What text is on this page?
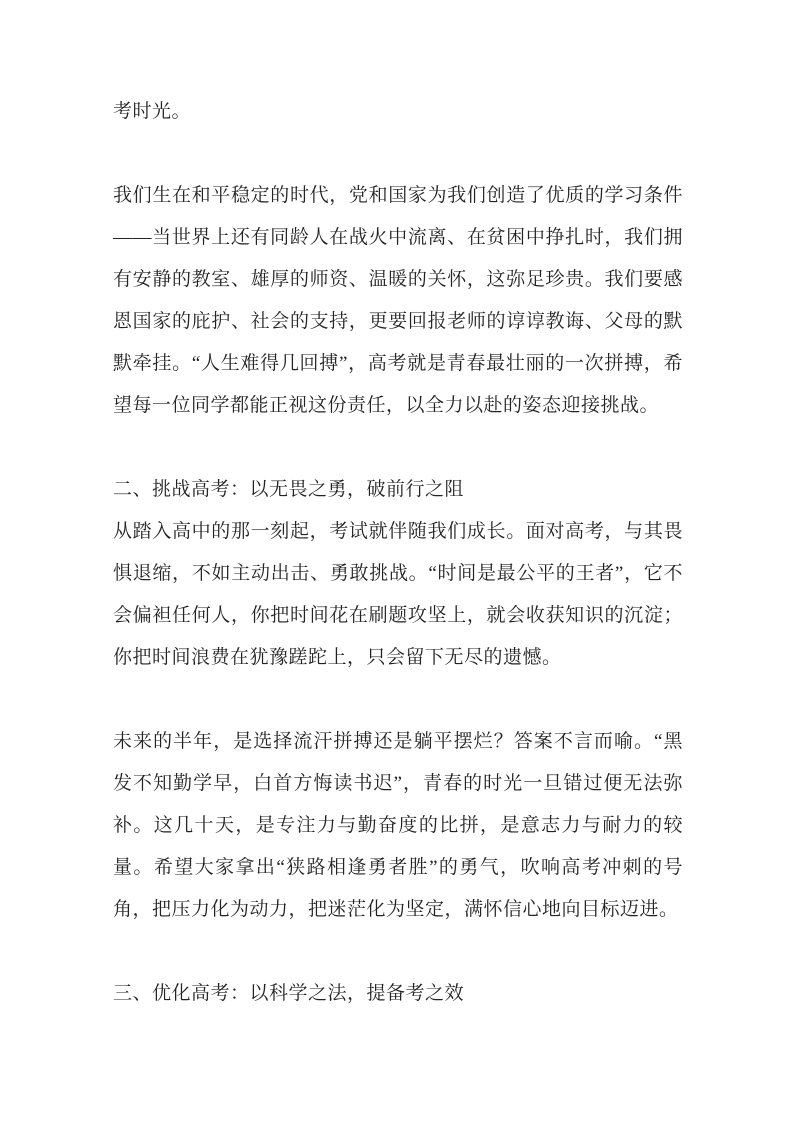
考时光。

我们生在和平稳定的时代，党和国家为我们创造了优质的学习条件——当世界上还有同龄人在战火中流离、在贫困中挣扎时，我们拥有安静的教室、雄厚的师资、温暖的关怀，这弥足珍贵。我们要感恩国家的庇护、社会的支持，更要回报老师的谆谆教诲、父母的默默牵挂。“人生难得几回搏”，高考就是青春最壮丽的一次拼搏，希望每一位同学都能正视这份责任，以全力以赴的姿态迎接挑战。

二、挑战高考：以无畏之勇，破前行之阻

从踏入高中的那一刻起，考试就伴随我们成长。面对高考，与其畏惧退缩，不如主动出击、勇敢挑战。“时间是最公平的王者”，它不会偏袒任何人，你把时间花在刷题攻坚上，就会收获知识的沉淀；你把时间浪费在犹豫蹉跎上，只会留下无尽的遗憾。

未来的半年，是选择流汗拼搏还是躺平摆烂？答案不言而喻。“黑发不知勤学早，白首方悔读书迟”，青春的时光一旦错过便无法弥补。这几十天，是专注力与勤奋度的比拼，是意志力与耐力的较量。希望大家拿出“狭路相逢勇者胜”的勇气，吹响高考冲刺的号角，把压力化为动力，把迷茫化为坚定，满怀信心地向目标迈进。

三、优化高考：以科学之法，提备考之效
